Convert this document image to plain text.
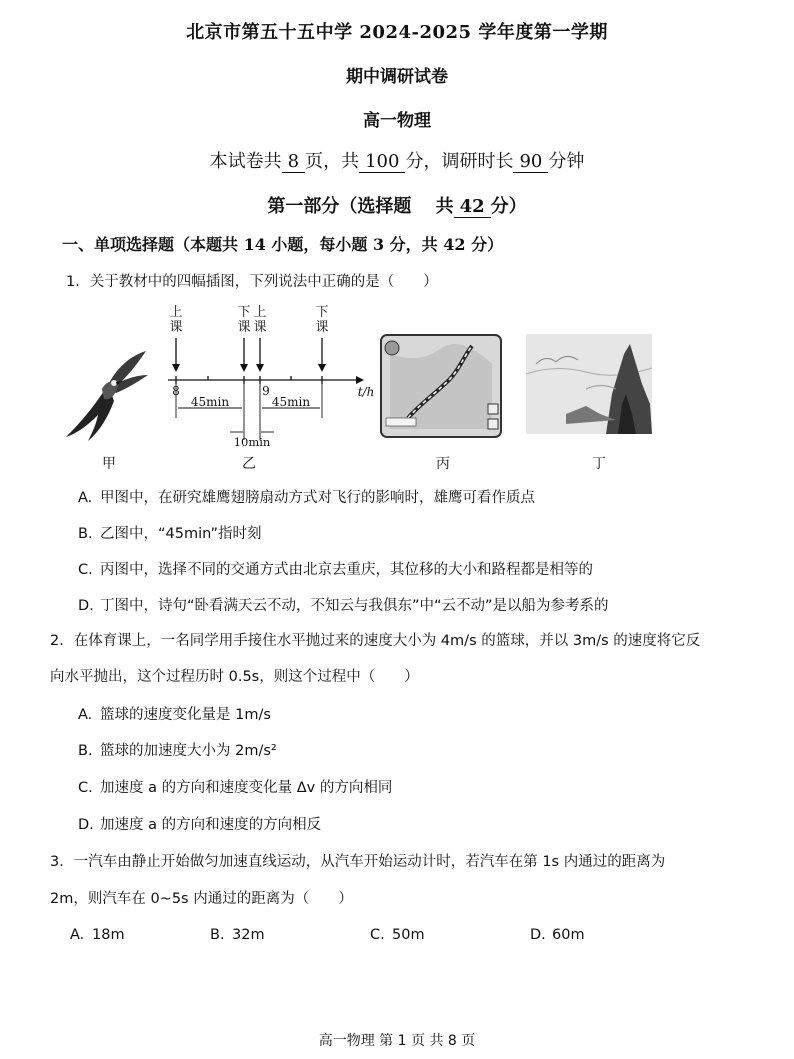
北京市第五十五中学 2024-2025 学年度第一学期
期中调研试卷
高一物理
本试卷共 8 页，共 100 分，调研时长 90 分钟
第一部分（选择题　 共 42 分）
一、单项选择题（本题共 14 小题，每小题 3 分，共 42 分）
1．关于教材中的四幅插图，下列说法中正确的是（　　）
甲
上
课
下
课
上
课
下
课
8	9	t/h
45min	45min
10min
乙	丙	丁
A. 甲图中，在研究雄鹰翅膀扇动方式对飞行的影响时，雄鹰可看作质点
B. 乙图中，“45min”指时刻
C. 丙图中，选择不同的交通方式由北京去重庆，其位移的大小和路程都是相等的
D. 丁图中，诗句“卧看满天云不动，不知云与我俱东”中“云不动”是以船为参考系的
2．在体育课上，一名同学用手接住水平抛过来的速度大小为 4m/s 的篮球，并以 3m/s 的速度将它反
向水平抛出，这个过程历时 0.5s，则这个过程中（　　）
A. 篮球的速度变化量是 1m/s
B. 篮球的加速度大小为 2m/s²
C. 加速度 a 的方向和速度变化量 Δv 的方向相同
D. 加速度 a 的方向和速度的方向相反
3．一汽车由静止开始做匀加速直线运动，从汽车开始运动计时，若汽车在第 1s 内通过的距离为
2m，则汽车在 0~5s 内通过的距离为（　　）
A. 18m	B. 32m	C. 50m	D. 60m
高一物理 第 1 页 共 8 页
